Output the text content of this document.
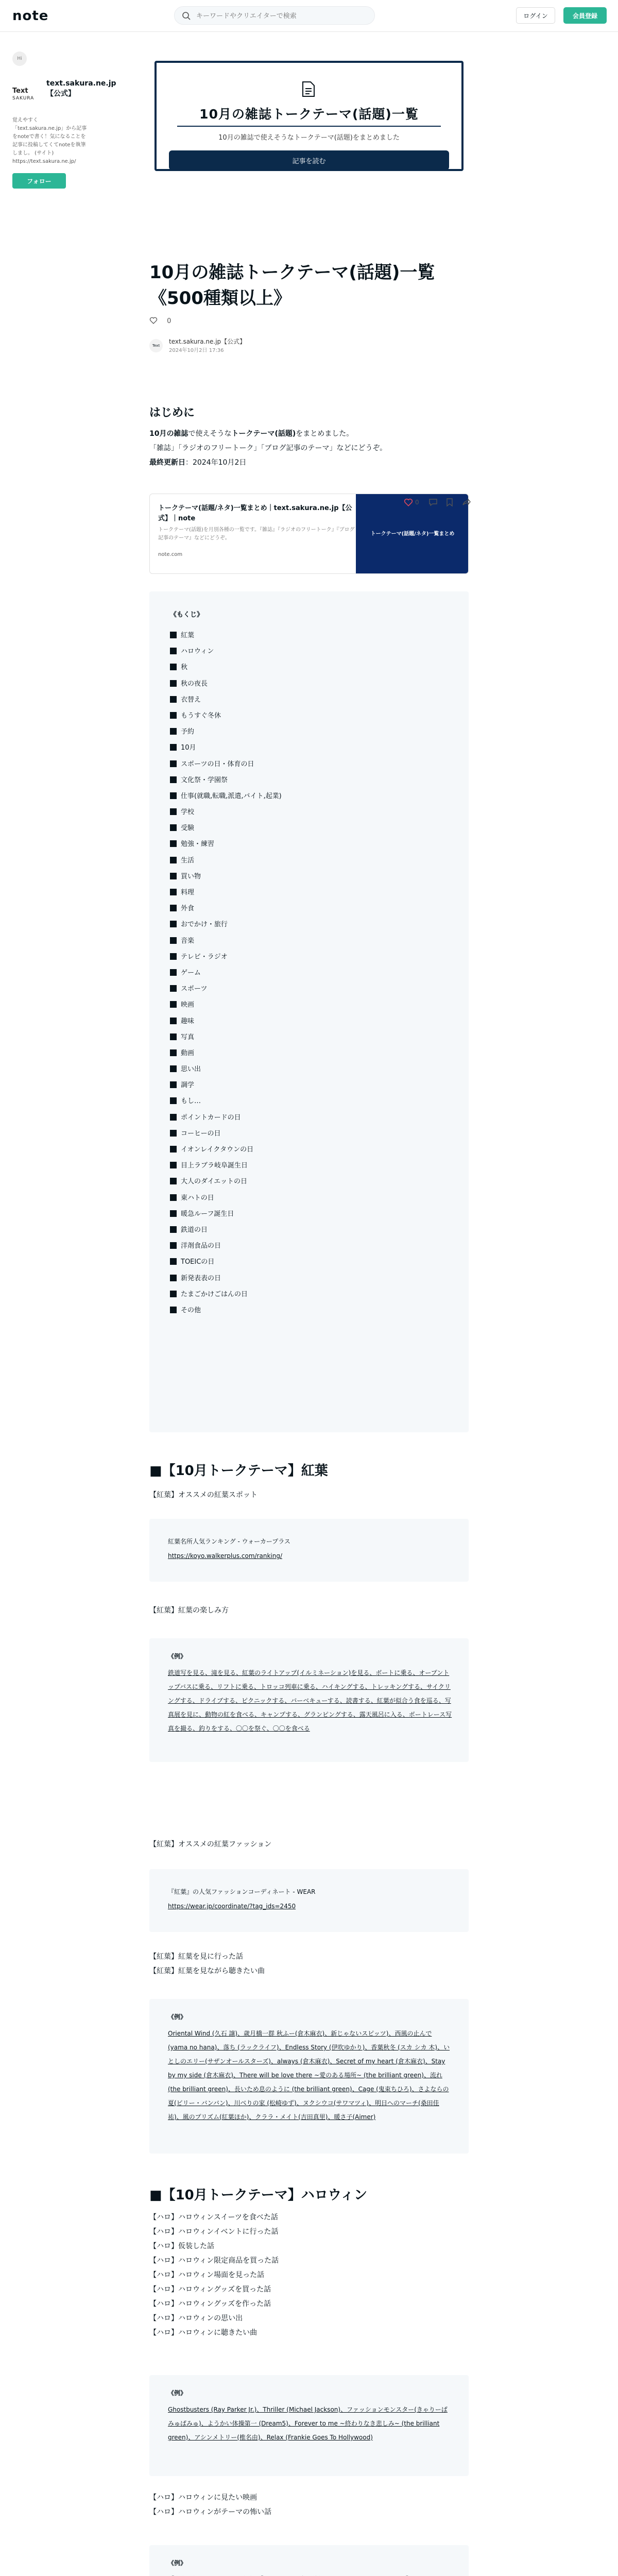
note
キーワードやクリエイターで検索	ログイン	会員登録
Hi
Text
SAKURA
text.sakura.ne.jp【公式】
覚えやすく「text.sakura.ne.jp」から記事をnoteで書く！気になることを記事に投稿してくてnoteを執筆しまし。 (サイト) https://text.sakura.ne.jp/
フォロー
10月の雑誌トークテーマ(話題)一覧
10月の雑誌で使えそうなトークテーマ(話題)をまとめました
記事を読む
10月の雑誌トークテーマ(話題)一覧《500種類以上》
0
Text
text.sakura.ne.jp【公式】
2024年10月2日 17:36
はじめに
10月の雑誌で使えそうなトークテーマ(話題)をまとめました。
「雑誌」「ラジオのフリートーク」「ブログ記事のテーマ」などにどうぞ。
最終更新日：2024年10月2日
トークテーマ(話題/ネタ)一覧まとめ｜text.sakura.ne.jp【公式】｜note
トークテーマ(話題)を月別各種の一覧です。『雑誌』『ラジオのフリートーク』『ブログ記事のテーマ』などにどうぞ。
note.com
トークテーマ(話題/ネタ)一覧まとめ
《もくじ》
紅葉
ハロウィン
秋
秋の夜長
衣替え
もうすぐ冬休
予約
10月
スポーツの日・体育の日
文化祭・学園祭
仕事(就職,転職,派遣,バイト,起業)
学校
受験
勉強・練習
生活
買い物
料理
外食
おでかけ・旅行
音楽
テレビ・ラジオ
ゲーム
スポーツ
映画
趣味
写真
動画
思い出
調学
もし…
ポイントカードの日
コーヒーの日
イオンレイクタウンの日
目上ラブラ岐阜誕生日
大人のダイエットの日
東ハトの日
暖急ルーフ誕生日
鉄道の日
洋剤食品の日
TOEICの日
新発表表の日
たまごかけごはんの日
その他
■【10月トークテーマ】紅葉
【紅葉】オススメの紅葉スポット
紅葉名所人気ランキング - ウォーカープラス
https://koyo.walkerplus.com/ranking/
【紅葉】紅葉の楽しみ方
《例》
鉄道写を見る、滝を見る、紅葉のライトアップ(イルミネーション)を見る、ボートに乗る、オープントップバスに乗る、リフトに乗る、トロッコ列車に乗る、ハイキングする、トレッキングする、サイクリングする、ドライブする、ピクニックする、バーベキューする、読書する、紅葉が似合う食を巡る、写真展を見に、動物の紅を食べる、キャンプする、グランピングする、露天風呂に入る、ボートレース写真を撮る、釣りをする、〇〇を祭ぐ、〇〇を食べる
【紅葉】オススメの紅葉ファッション
『紅葉』の人気ファッションコーディネート - WEAR
https://wear.jp/coordinate/?tag_ids=2450
【紅葉】紅葉を見に行った話
【紅葉】紅葉を見ながら聴きたい曲
《例》
Oriental Wind (久石 譲)、歳月橋一群 秋ふー(倉木麻衣)、新じゃないスピッツ)、西風の止んで (yama no hana)、落ち (ラックライフ)、Endless Story (伊吹ゆかり)、香葉秋冬 (スカ シカ 木)、いとしのエリー(サザンオールスターズ)、always (倉木麻衣)、Secret of my heart (倉木麻衣)、Stay by my side (倉木麻衣)、There will be love there ~愛のある場所~ (the brilliant green)、流れ (the brilliant green)、長いため息のように (the brilliant green)、Cage (鬼束ちひろ)、さよならの夏(ビリー・バンバン)、川べりの家 (松崎ゆず)、ヌクシウコ(サワマツィ)、明日へのマーチ(桑田佳祐)、風のプリズム(紅葉ほか)、クララ・メイト(吉田真里)、暖さ子(Aimer)
■【10月トークテーマ】ハロウィン
【ハロ】ハロウィンスイーツを食べた話
【ハロ】ハロウィンイベントに行った話
【ハロ】仮装した話
【ハロ】ハロウィン限定商品を買った話
【ハロ】ハロウィン場面を見った話
【ハロ】ハロウィングッズを買った話
【ハロ】ハロウィングッズを作った話
【ハロ】ハロウィンの思い出
【ハロ】ハロウィンに聴きたい曲
《例》
Ghostbusters (Ray Parker Jr.)、Thriller (Michael Jackson)、ファッションモンスター(きゃりーぱみゅぱみゅ)、ようかい体操第一 (Dream5)、Forever to me ~終わりなき悲しみ~ (the brilliant green)、アシンメトリー(椎名由)、Relax (Frankie Goes To Hollywood)
【ハロ】ハロウィンに見たい映画
【ハロ】ハロウィンがテーマの怖い話
《例》
0
